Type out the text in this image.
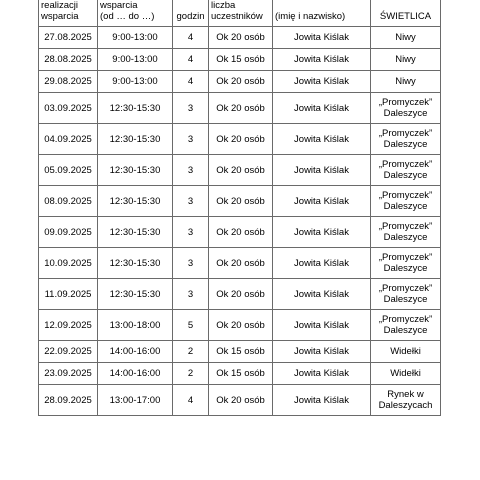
realizacji
wsparcia	wsparcia
(od … do …)	godzin	liczba
uczestników	(imię i nazwisko)	ŚWIETLICA

27.08.2025	9:00-13:00	4	Ok 20 osób	Jowita Kiślak	Niwy

28.08.2025	9:00-13:00	4	Ok 15 osób	Jowita Kiślak	Niwy

29.08.2025	9:00-13:00	4	Ok 20 osób	Jowita Kiślak	Niwy

03.09.2025	12:30-15:30	3	Ok 20 osób	Jowita Kiślak	„Promyczek”
Daleszyce

04.09.2025	12:30-15:30	3	Ok 20 osób	Jowita Kiślak	„Promyczek”
Daleszyce

05.09.2025	12:30-15:30	3	Ok 20 osób	Jowita Kiślak	„Promyczek”
Daleszyce

08.09.2025	12:30-15:30	3	Ok 20 osób	Jowita Kiślak	„Promyczek”
Daleszyce

09.09.2025	12:30-15:30	3	Ok 20 osób	Jowita Kiślak	„Promyczek”
Daleszyce

10.09.2025	12:30-15:30	3	Ok 20 osób	Jowita Kiślak	„Promyczek”
Daleszyce

11.09.2025	12:30-15:30	3	Ok 20 osób	Jowita Kiślak	„Promyczek”
Daleszyce

12.09.2025	13:00-18:00	5	Ok 20 osób	Jowita Kiślak	„Promyczek”
Daleszyce

22.09.2025	14:00-16:00	2	Ok 15 osób	Jowita Kiślak	Widełki

23.09.2025	14:00-16:00	2	Ok 15 osób	Jowita Kiślak	Widełki

28.09.2025	13:00-17:00	4	Ok 20 osób	Jowita Kiślak	Rynek w
Daleszycach
